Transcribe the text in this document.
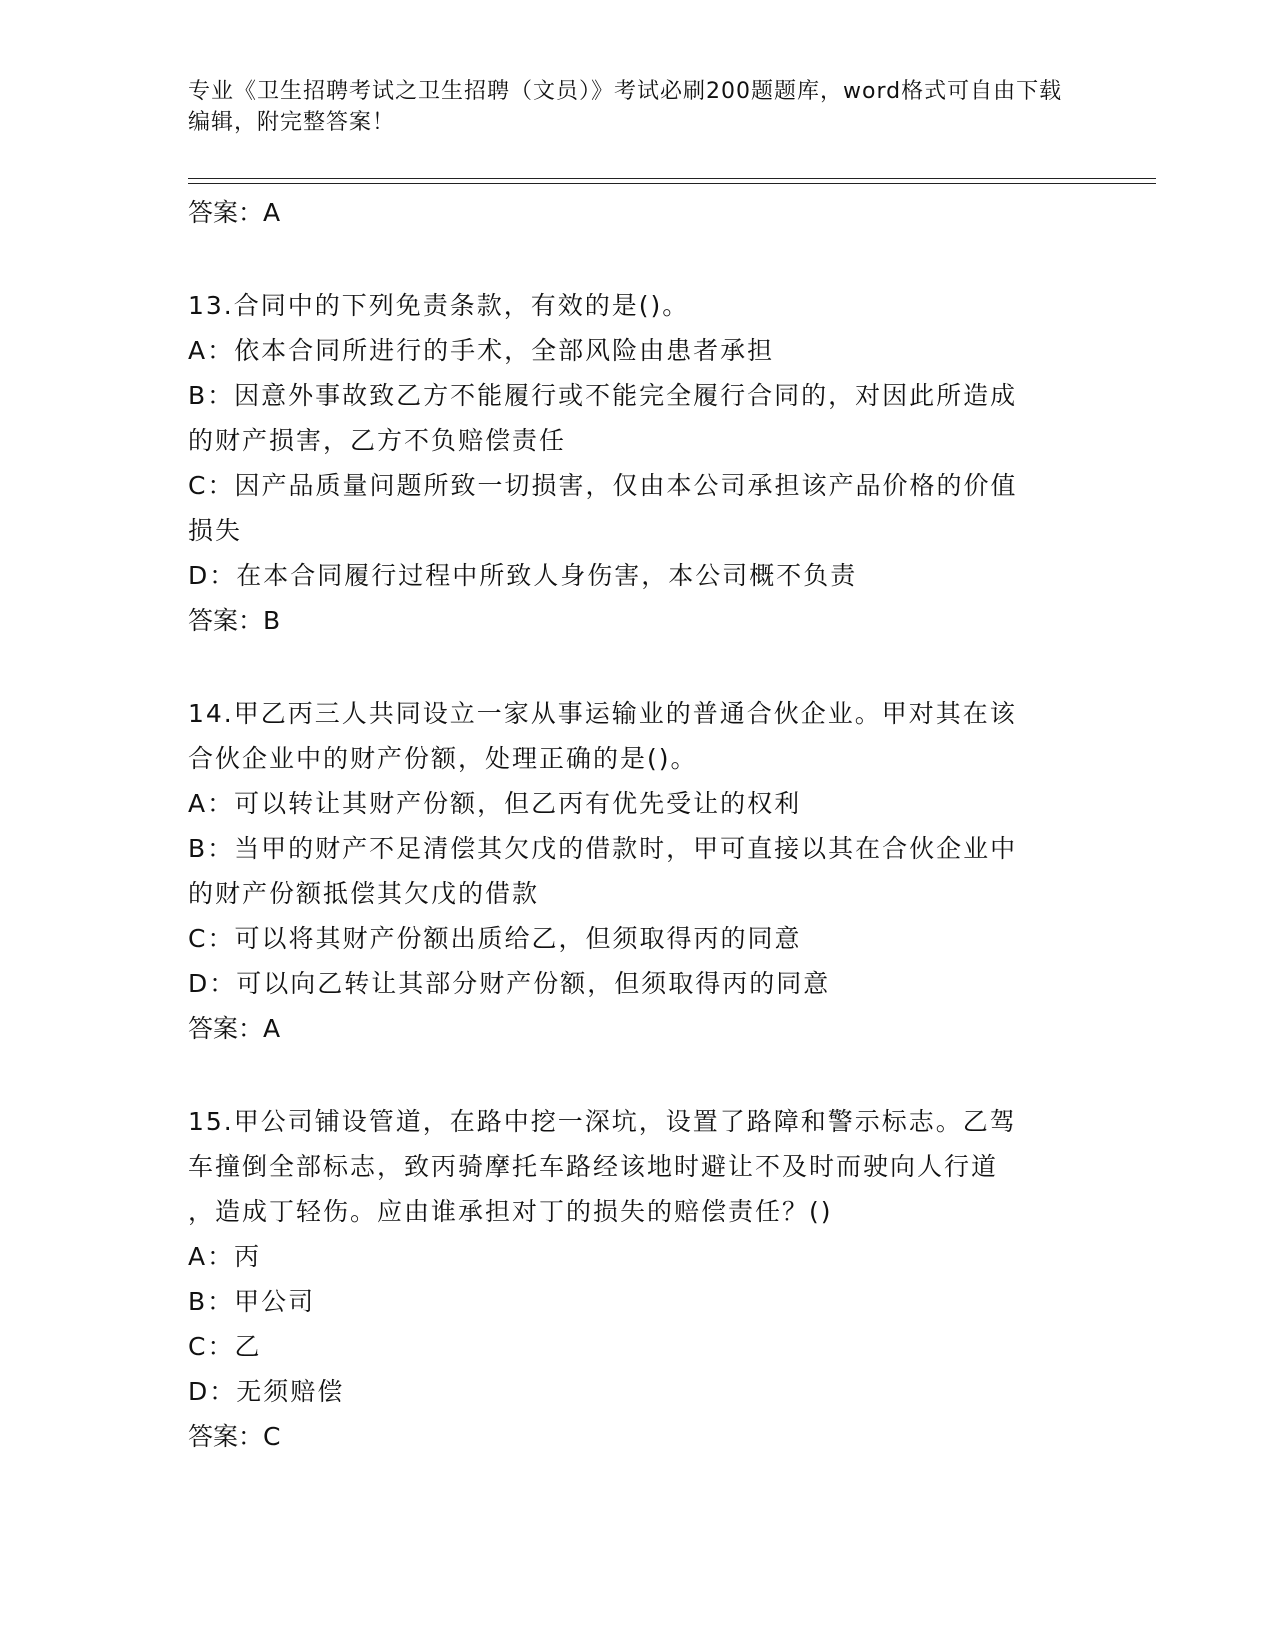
专业《卫生招聘考试之卫生招聘（文员）》考试必刷200题题库，word格式可自由下载编辑，附完整答案！

答案：A

13.合同中的下列免责条款，有效的是()。

A：依本合同所进行的手术，全部风险由患者承担

B：因意外事故致乙方不能履行或不能完全履行合同的，对因此所造成

的财产损害，乙方不负赔偿责任

C：因产品质量问题所致一切损害，仅由本公司承担该产品价格的价值

损失

D：在本合同履行过程中所致人身伤害，本公司概不负责

答案：B

14.甲乙丙三人共同设立一家从事运输业的普通合伙企业。甲对其在该

合伙企业中的财产份额，处理正确的是()。

A：可以转让其财产份额，但乙丙有优先受让的权利

B：当甲的财产不足清偿其欠戊的借款时，甲可直接以其在合伙企业中

的财产份额抵偿其欠戊的借款

C：可以将其财产份额出质给乙，但须取得丙的同意

D：可以向乙转让其部分财产份额，但须取得丙的同意

答案：A

15.甲公司铺设管道，在路中挖一深坑，设置了路障和警示标志。乙驾

车撞倒全部标志，致丙骑摩托车路经该地时避让不及时而驶向人行道

，造成丁轻伤。应由谁承担对丁的损失的赔偿责任？()

A：丙

B：甲公司

C：乙

D：无须赔偿

答案：C
